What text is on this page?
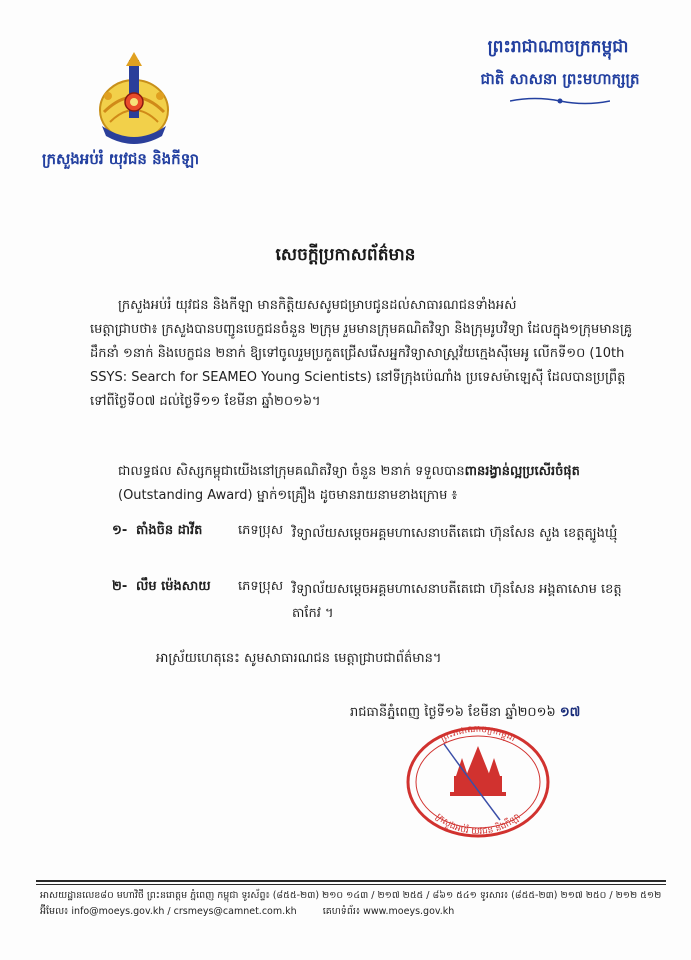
ក្រសួងអប់រំ យុវជន និងកីឡា
ព្រះរាជាណាចក្រកម្ពុជា
ជាតិ សាសនា ព្រះមហាក្សត្រ
សេចក្ដីប្រកាសព័ត៌មាន
ក្រសួងអប់រំ យុវជន និងកីឡា មានកិត្តិយសសូមជម្រាបជូនដល់សាធារណជនទាំងអស់
មេត្តាជ្រាបថា៖ ក្រសួងបានបញ្ជូនបេក្ខជនចំនួន ២ក្រុម រួមមានក្រុមគណិតវិទ្យា និងក្រុមរូបវិទ្យា ដែលក្នុង១ក្រុមមានគ្រូដឹកនាំ ១នាក់ និងបេក្ខជន ២នាក់ ឱ្យទៅចូលរួមប្រកួតជ្រើសរើសអ្នកវិទ្យាសាស្ត្រវ័យក្មេងស៊ីមេអូ លើកទី១០ (10th SSYS: Search for SEAMEO Young Scientists) នៅទីក្រុងប៉េណាំង ប្រទេសម៉ាឡេស៊ី ដែលបានប្រព្រឹត្តទៅពីថ្ងៃទី០៧ ដល់ថ្ងៃទី១១ ខែមីនា ឆ្នាំ២០១៦។
ជាលទ្ធផល សិស្សកម្ពុជាយើងនៅក្រុមគណិតវិទ្យា ចំនួន ២នាក់ ទទួលបានពានរង្វាន់ល្អប្រសើរចំផុត (Outstanding Award) ម្នាក់១គ្រឿង ដូចមានរាយនាមខាងក្រោម ៖
១- តាំងចិន ដាវីត	ភេទប្រុស វិទ្យាល័យសម្ដេចអគ្គមហាសេនាបតីតេជោ ហ៊ុនសែន សួង ខេត្តត្បូងឃ្មុំ
២- លឹម ម៉េងសាយ ភេទប្រុស វិទ្យាល័យសម្ដេចអគ្គមហាសេនាបតីតេជោ ហ៊ុនសែន អង្គតាសោម ខេត្តតាកែវ ។
អាស្រ័យហេតុនេះ សូមសាធារណជន មេត្តាជ្រាបជាព័ត៌មាន។
រាជធានីភ្នំពេញ ថ្ងៃទី១៦ ខែមីនា ឆ្នាំ២០១៦ ១៧
ព្រះរាជាណាចក្រកម្ពុជា
ក្រសួងអប់រំ យុវជន និងកីឡា
អាសយដ្ឋានលេខ៨០ មហាវិថី ព្រះនរោត្តម ភ្នំពេញ កម្ពុជា ទូរស័ព្ទ៖ (៨៥៥-២៣) ២១០ ១៤៣ / ២១៧ ២៥៥ / ៨៦១ ៥៤១ ទូរសារ៖ (៨៥៥-២៣) ២១៧ ២៥០ / ២១២ ៥១២
អ៊ីមែល៖ info@moeys.gov.kh / crsmeys@camnet.com.kh	គេហទំព័រ៖ www.moeys.gov.kh
